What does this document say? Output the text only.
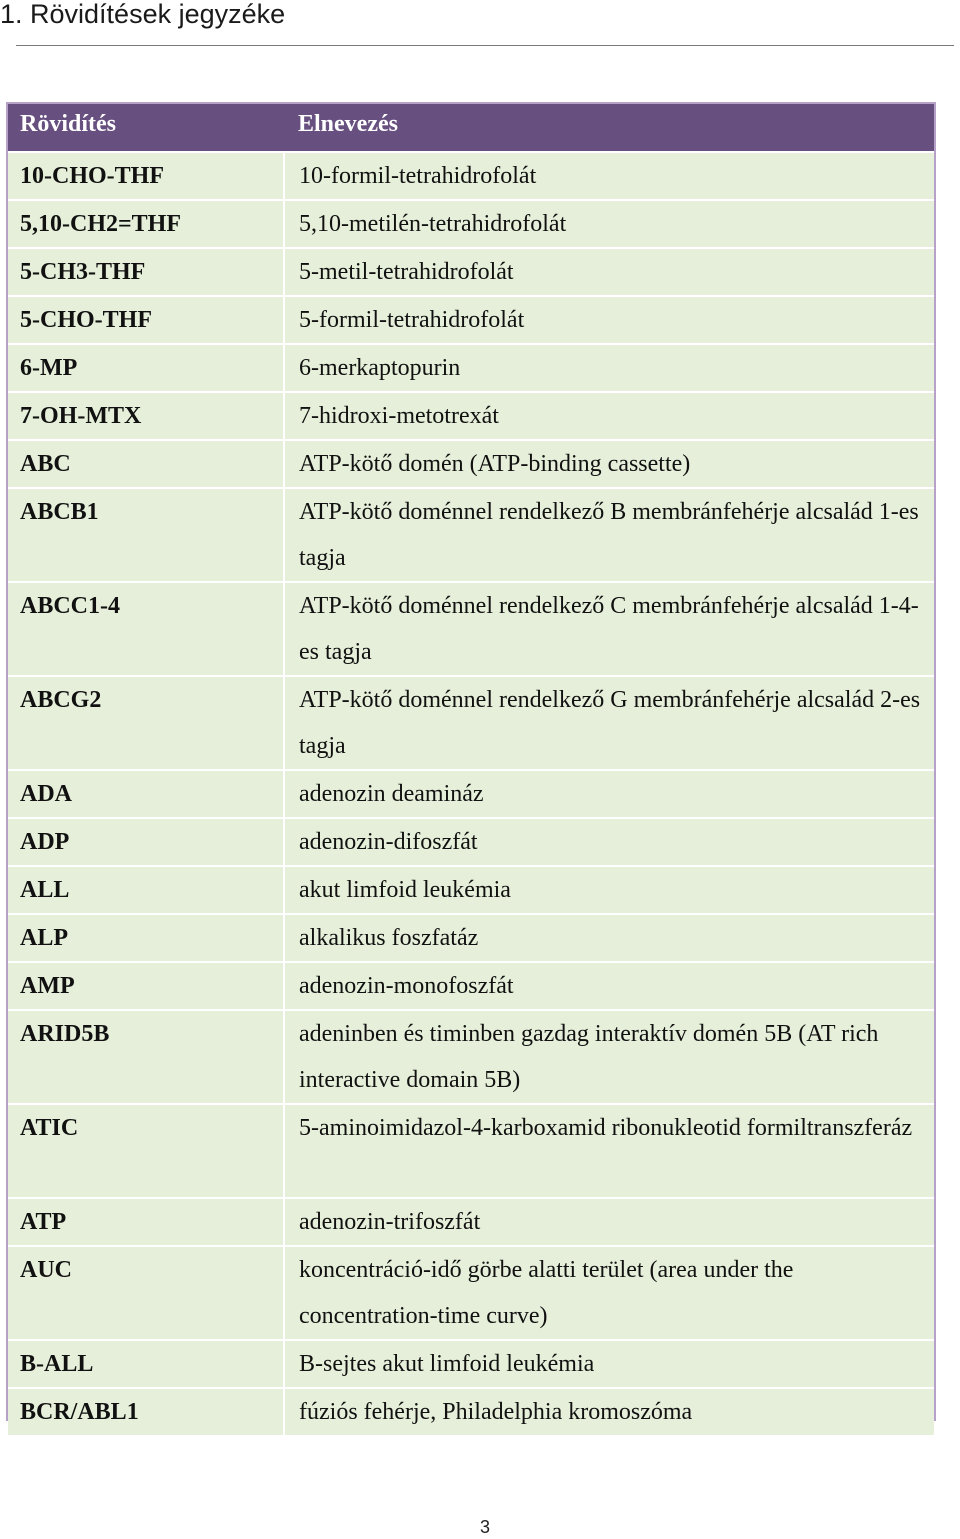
1. Rövidítések jegyzéke
Rövidítés	Elnevezés
10-CHO-THF	10-formil-tetrahidrofolát
5,10-CH2=THF	5,10-metilén-tetrahidrofolát
5-CH3-THF	5-metil-tetrahidrofolát
5-CHO-THF	5-formil-tetrahidrofolát
6-MP	6-merkaptopurin
7-OH-MTX	7-hidroxi-metotrexát
ABC	ATP-kötő domén (ATP-binding cassette)
ABCB1	ATP-kötő doménnel rendelkező B membránfehérje alcsalád 1-es tagja
ABCC1-4	ATP-kötő doménnel rendelkező C membránfehérje alcsalád 1-4-es tagja
ABCG2	ATP-kötő doménnel rendelkező G membránfehérje alcsalád 2-es tagja
ADA	adenozin deamináz
ADP	adenozin-difoszfát
ALL	akut limfoid leukémia
ALP	alkalikus foszfatáz
AMP	adenozin-monofoszfát
ARID5B	adeninben és timinben gazdag interaktív domén 5B (AT rich interactive domain 5B)
ATIC	5-aminoimidazol-4-karboxamid ribonukleotid formiltranszferáz
ATP	adenozin-trifoszfát
AUC	koncentráció-idő görbe alatti terület (area under the concentration-time curve)
B-ALL	B-sejtes akut limfoid leukémia
BCR/ABL1	fúziós fehérje, Philadelphia kromoszóma
3
